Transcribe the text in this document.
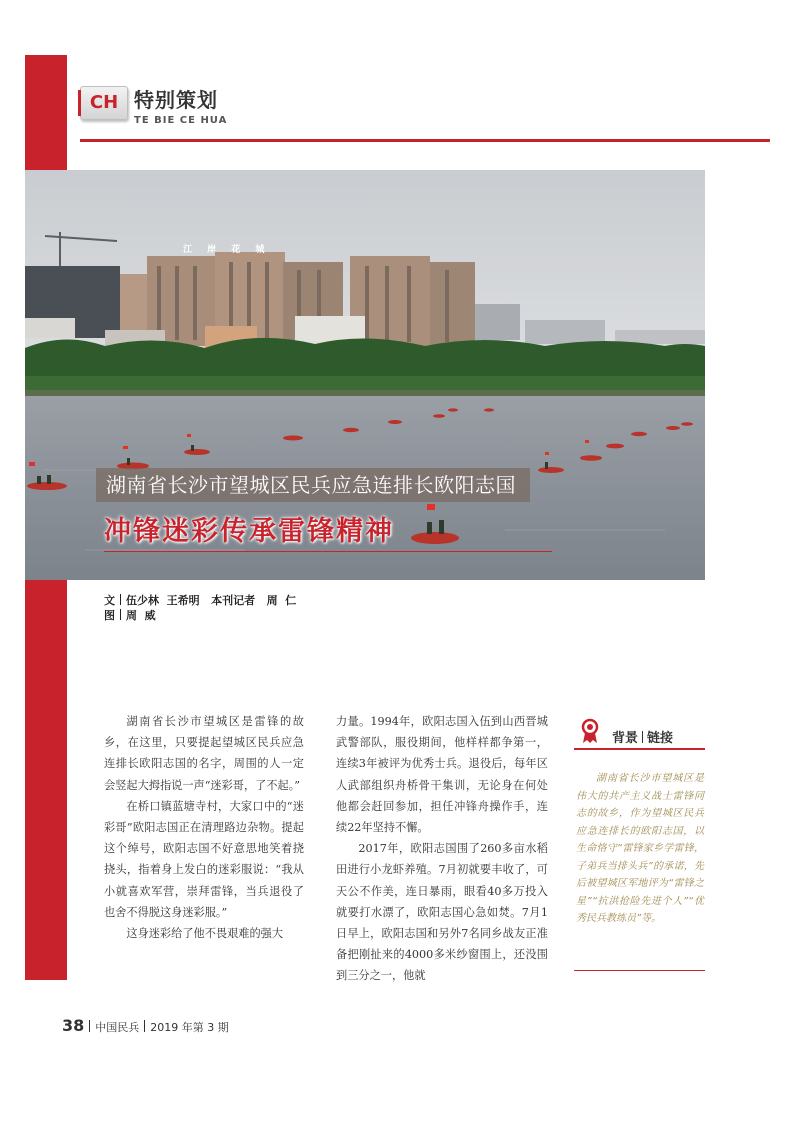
CH 特别策划
TE BIE CE HUA
江 岸 花 城
湖南省长沙市望城区民兵应急连排长欧阳志国
冲锋迷彩传承雷锋精神
文 伍少林  王希明   本刊记者   周  仁
图 周  威

湖南省长沙市望城区是雷锋的故乡，在这里，只要提起望城区民兵应急连排长欧阳志国的名字，周围的人一定会竖起大拇指说一声“迷彩哥，了不起。”

在桥口镇蓝塘寺村，大家口中的“迷彩哥”欧阳志国正在清理路边杂物。提起这个绰号，欧阳志国不好意思地笑着挠挠头，指着身上发白的迷彩服说：“我从小就喜欢军营，崇拜雷锋，当兵退役了也舍不得脱这身迷彩服。”

这身迷彩给了他不畏艰难的强大

力量。1994年，欧阳志国入伍到山西晋城武警部队，服役期间，他样样都争第一，连续3年被评为优秀士兵。退役后，每年区人武部组织舟桥骨干集训，无论身在何处他都会赶回参加，担任冲锋舟操作手，连续22年坚持不懈。

2017年，欧阳志国围了260多亩水稻田进行小龙虾养殖。7月初就要丰收了，可天公不作美，连日暴雨，眼看40多万投入就要打水漂了，欧阳志国心急如焚。7月1日早上，欧阳志国和另外7名同乡战友正准备把刚扯来的4000多米纱窗围上，还没围到三分之一，他就

背景 链接

湖南省长沙市望城区是伟大的共产主义战士雷锋同志的故乡，作为望城区民兵应急连排长的欧阳志国，以生命恪守“雷锋家乡学雷锋，子弟兵当排头兵”的承诺，先后被望城区军地评为“雷锋之星”“抗洪抢险先进个人”“优秀民兵教练员”等。

38 中国民兵 2019 年第 3 期
